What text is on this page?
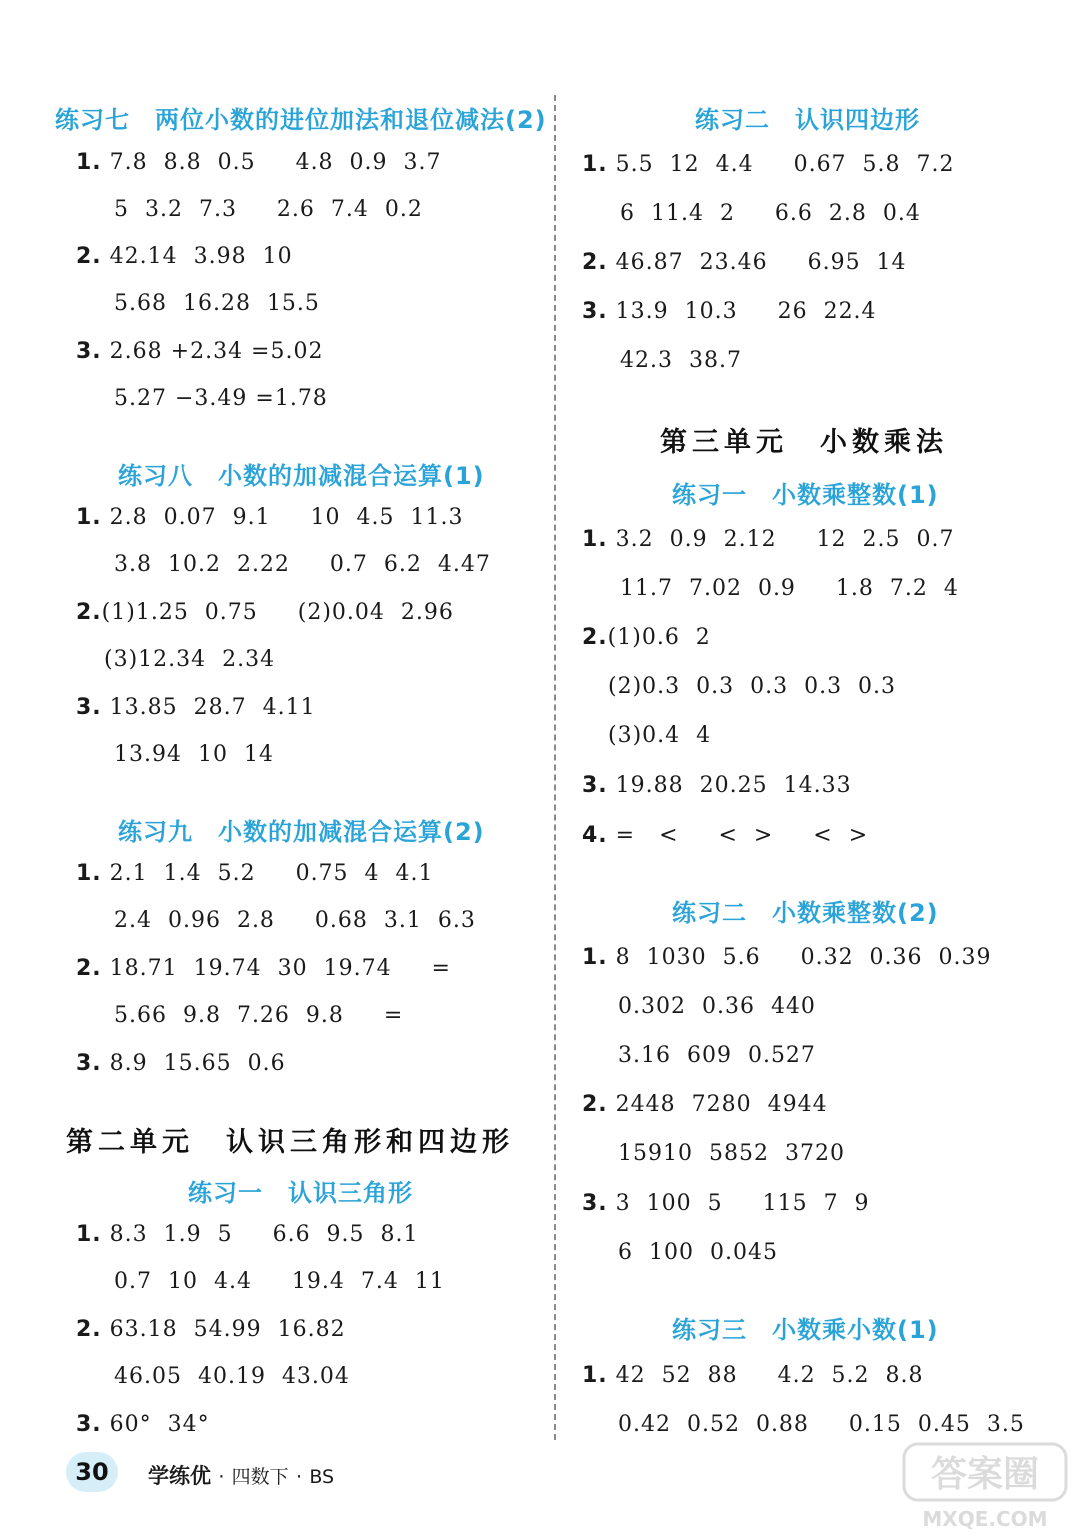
练习七　两位小数的进位加法和退位减法(2)
1. 7.8  8.8  0.5     4.8  0.9  3.7
5  3.2  7.3     2.6  7.4  0.2
2. 42.14  3.98  10
5.68  16.28  15.5
3. 2.68 +2.34 =5.02
5.27 −3.49 =1.78
练习八　小数的加减混合运算(1)
1. 2.8  0.07  9.1     10  4.5  11.3
3.8  10.2  2.22     0.7  6.2  4.47
2.(1)1.25  0.75     (2)0.04  2.96
(3)12.34  2.34
3. 13.85  28.7  4.11
13.94  10  14
练习九　小数的加减混合运算(2)
1. 2.1  1.4  5.2     0.75  4  4.1
2.4  0.96  2.8     0.68  3.1  6.3
2. 18.71  19.74  30  19.74     =
5.66  9.8  7.26  9.8     =
3. 8.9  15.65  0.6
第二单元　认识三角形和四边形
练习一　认识三角形
1. 8.3  1.9  5     6.6  9.5  8.1
0.7  10  4.4     19.4  7.4  11
2. 63.18  54.99  16.82
46.05  40.19  43.04
3. 60°  34°
练习二　认识四边形
1. 5.5  12  4.4     0.67  5.8  7.2
6  11.4  2     6.6  2.8  0.4
2. 46.87  23.46     6.95  14
3. 13.9  10.3     26  22.4
42.3  38.7
第三单元　小数乘法
练习一　小数乘整数(1)
1. 3.2  0.9  2.12     12  2.5  0.7
11.7  7.02  0.9     1.8  7.2  4
2.(1)0.6  2
(2)0.3  0.3  0.3  0.3  0.3
(3)0.4  4
3. 19.88  20.25  14.33
4. =   <     <  >     <  >
练习二　小数乘整数(2)
1. 8  1030  5.6     0.32  0.36  0.39
0.302  0.36  440
3.16  609  0.527
2. 2448  7280  4944
15910  5852  3720
3. 3  100  5     115  7  9
6  100  0.045
练习三　小数乘小数(1)
1. 42  52  88     4.2  5.2  8.8
0.42  0.52  0.88     0.15  0.45  3.5
30	学练优 · 四数下 · BS	答案圈
MXQE.COM
